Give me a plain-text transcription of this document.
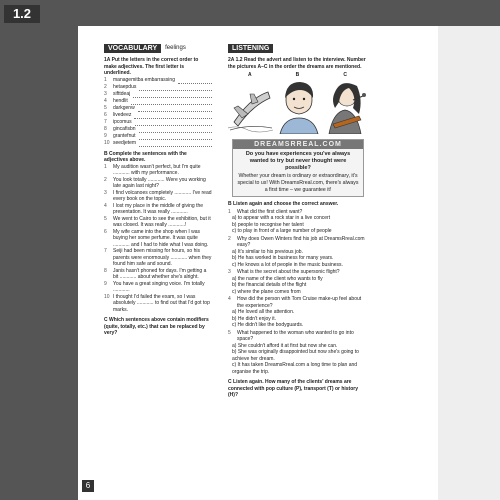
1.2
VOCABULARY	feelings
1A Put the letters in the correct order to make adjectives. The first letter is underlined.
1	managemitba embarrassing
2	hetaepdus
3	sifttdeaj
4	hendlit
5	darkgenw
6	livedeez
7	ipcomus
8	gincafisbn
9	grantefnut
10 seedjetem
B Complete the sentences with the adjectives above.
1	My audition wasn't perfect, but I'm quite ............ with my performance.
2	You look totally ............ Were you working late again last night?
3	I find volcanoes completely ............ I've read every book on the topic.
4	I lost my place in the middle of giving the presentation. It was really ............
5	We went to Cairo to see the exhibition, but it was closed. It was really ............!
6	My wife came into the shop when I was buying her some perfume. It was quite ............ and I had to hide what I was doing.
7	Seiji had been missing for hours, so his parents were enormously ............ when they found him safe and sound.
8	Janis hasn't phoned for days. I'm getting a bit ............ about whether she's alright.
9	You have a great singing voice. I'm totally ............
10 I thought I'd failed the exam, so I was absolutely ............ to find out that I'd got top marks.
C Which sentences above contain modifiers (quite, totally, etc.) that can be replaced by very?
LISTENING
2A 1.2 Read the advert and listen to the interview. Number the pictures A–C in the order the dreams are mentioned.
A	B	C
DREAMSRREAL.COM
Do you have experiences you've always wanted to try but never thought were possible?
Whether your dream is ordinary or extraordinary, it's special to us! With DreamsRreal.com, there's always a first time – we guarantee it!
B Listen again and choose the correct answer.
1	What did the first client want?
a) to appear with a rock star in a live concert
b) people to recognise her talent
c) to play in front of a large number of people
2	Why does Owen Winters find his job at DreamsRreal.com easy?
a) It's similar to his previous job.
b) He has worked in business for many years.
c) He knows a lot of people in the music business.
3	What is the secret about the supersonic flight?
a) the name of the client who wants to fly
b) the financial details of the flight
c) where the plane comes from
4	How did the person with Tom Cruise make-up feel about the experience?
a) He loved all the attention.
b) He didn't enjoy it.
c) He didn't like the bodyguards.
5	What happened to the woman who wanted to go into space?
a) She couldn't afford it at first but now she can.
b) She was originally disappointed but now she's going to achieve her dream.
c) It has taken DreamsRreal.com a long time to plan and organise the trip.
C Listen again. How many of the clients' dreams are connected with pop culture (P), transport (T) or history (H)?
6
